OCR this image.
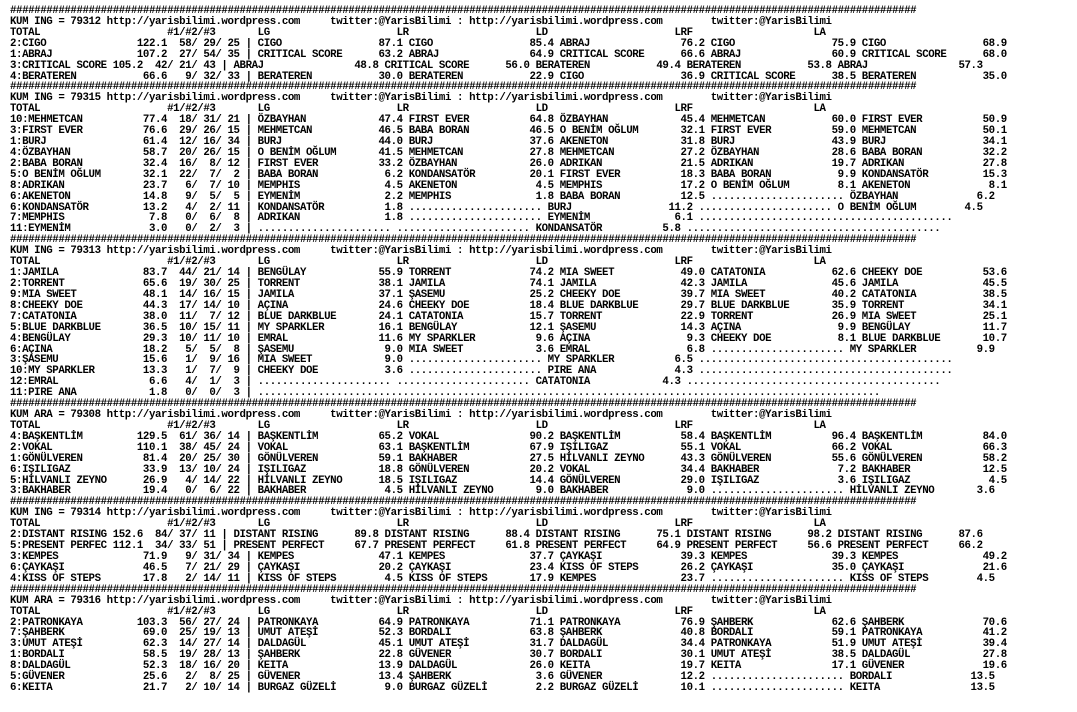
######################################################################################################################################################
KUM ING = 79312 http://yarisbilimi.wordpress.com     twitter:@YarisBilimi : http://yarisbilimi.wordpress.com        twitter:@YarisBilimi
TOTAL                     #1/#2/#3       LG                     LR                     LD                     LRF                    LA
2:CIGO               122.1  58/ 29/ 25 | CIGO                87.1 CIGO                85.4 ABRAJ               76.2 CIGO                75.9 CIGO                68.9
1:ABRAJ              107.2  27/ 54/ 35 | CRITICAL SCORE      63.2 ABRAJ               64.9 CRITICAL SCORE      66.6 ABRAJ               60.9 CRITICAL SCORE      68.0
3:CRITICAL SCORE 105.2  42/ 21/ 43 | ABRAJ               48.8 CRITICAL SCORE      56.0 BERATEREN           49.4 BERATEREN           53.8 ABRAJ               57.3
4:BERATEREN           66.6   9/ 32/ 33 | BERATEREN           30.0 BERATEREN           22.9 CIGO                36.9 CRITICAL SCORE      38.5 BERATEREN           35.0
######################################################################################################################################################
KUM ING = 79315 http://yarisbilimi.wordpress.com     twitter:@YarisBilimi : http://yarisbilimi.wordpress.com        twitter:@YarisBilimi
TOTAL                     #1/#2/#3       LG                     LR                     LD                     LRF                    LA
10:MEHMETCAN          77.4  18/ 31/ 21 | ÖZBAYHAN            47.4 FIRST EVER          64.8 ÖZBAYHAN            45.4 MEHMETCAN           60.0 FIRST EVER          50.9
3:FIRST EVER          76.6  29/ 26/ 15 | MEHMETCAN           46.5 BABA BORAN          46.5 O BENİM OĞLUM       32.1 FIRST EVER          59.0 MEHMETCAN           50.1
1:BURJ                61.4  12/ 16/ 34 | BURJ                44.0 BURJ                37.6 AKENETON            31.8 BURJ                43.9 BURJ                34.1
4:ÖZBAYHAN            58.7  20/ 26/ 15 | O BENİM OĞLUM       41.5 MEHMETCAN           27.8 MEHMETCAN           27.2 ÖZBAYHAN            28.6 BABA BORAN          32.2
2:BABA BORAN          32.4  16/  8/ 12 | FIRST EVER          33.2 ÖZBAYHAN            26.0 ADRIKAN             21.5 ADRIKAN             19.7 ADRIKAN             27.8
5:O BENİM OĞLUM       32.1  22/  7/  2 | BABA BORAN           6.2 KONDANSATÖR         20.1 FIRST EVER          18.3 BABA BORAN           9.9 KONDANSATÖR         15.3
8:ADRIKAN             23.7   6/  7/ 10 | MEMPHIS              4.5 AKENETON             4.5 MEMPHIS             17.2 O BENİM OĞLUM        8.1 AKENETON             8.1
6:AKENETON            14.8   9/  5/  5 | EYMENİM              2.2 MEMPHIS              1.8 BABA BORAN          12.5 ...................... ÖZBAYHAN             6.2
6:KONDANSATÖR         13.2   4/  2/ 11 | KONDANSATÖR          1.8 ...................... BURJ                11.2 ...................... O BENİM OĞLUM        4.5
7:MEMPHIS              7.8   0/  6/  8 | ADRIKAN              1.8 ...................... EYMENİM              6.1 ..........................................
11:EYMENİM             3.0   0/  2/  3 | ...................... ...................... KONDANSATÖR          5.8 ..........................................
######################################################################################################################################################
KUM ING = 79313 http://yarisbilimi.wordpress.com     twitter:@YarisBilimi : http://yarisbilimi.wordpress.com        twitter:@YarisBilimi
TOTAL                     #1/#2/#3       LG                     LR                     LD                     LRF                    LA
1:JAMILA              83.7  44/ 21/ 14 | BENGÜLAY            55.9 TORRENT             74.2 MIA SWEET           49.0 CATATONIA           62.6 CHEEKY DOE          53.6
2:TORRENT             65.6  19/ 30/ 25 | TORRENT             38.1 JAMILA              74.1 JAMILA              42.3 JAMILA              45.6 JAMILA              45.5
9:MIA SWEET           48.1  14/ 16/ 15 | JAMILA              37.1 ŞASEMU              25.2 CHEEKY DOE          39.7 MIA SWEET           40.2 CATATONIA           38.5
8:CHEEKY DOE          44.3  17/ 14/ 10 | AÇINA               24.6 CHEEKY DOE          18.4 BLUE DARKBLUE       29.7 BLUE DARKBLUE       35.9 TORRENT             34.1
7:CATATONIA           38.0  11/  7/ 12 | BLUE DARKBLUE       24.1 CATATONIA           15.7 TORRENT             22.9 TORRENT             26.9 MIA SWEET           25.1
5:BLUE DARKBLUE       36.5  10/ 15/ 11 | MY SPARKLER         16.1 BENGÜLAY            12.1 ŞASEMU              14.3 AÇINA                9.9 BENGÜLAY            11.7
4:BENGÜLAY            29.3  10/ 11/ 10 | EMRAL               11.6 MY SPARKLER          9.6 AÇINA                9.3 CHEEKY DOE           8.1 BLUE DARKBLUE       10.7
6:AÇINA               18.2   5/  5/  8 | ŞASEMU               9.0 MIA SWEET            3.6 EMRAL                6.8 ...................... MY SPARKLER          9.9
3:ŞASEMU              15.6   1/  9/ 16 | MIA SWEET            9.0 ...................... MY SPARKLER          6.5 ..........................................
10:MY SPARKLER        13.3   1/  7/  9 | CHEEKY DOE           3.6 ...................... PIRE ANA             4.3 ..........................................
12:EMRAL               6.6   4/  1/  3 | ...................... ...................... CATATONIA            4.3 ..........................................
11:PIRE ANA            1.8   0/  0/  3 | .......................................................................................................
######################################################################################################################################################
KUM ARA = 79308 http://yarisbilimi.wordpress.com     twitter:@YarisBilimi : http://yarisbilimi.wordpress.com        twitter:@YarisBilimi
TOTAL                     #1/#2/#3       LG                     LR                     LD                     LRF                    LA
4:BAŞKENTLİM         129.5  61/ 36/ 14 | BAŞKENTLİM          65.2 VOKAL               90.2 BAŞKENTLİM          58.4 BAŞKENTLİM          96.4 BAŞKENTLİM          84.0
2:VOKAL              110.1  38/ 45/ 24 | VOKAL               63.1 BAŞKENTLİM          67.9 IŞILIGAZ            55.1 VOKAL               66.2 VOKAL               66.3
1:GÖNÜLVEREN          81.4  20/ 25/ 30 | GÖNÜLVEREN          59.1 BAKHABER            27.5 HİLVANLI ZEYNO      43.3 GÖNÜLVEREN          55.6 GÖNÜLVEREN          58.2
6:IŞILIGAZ            33.9  13/ 10/ 24 | IŞILIGAZ            18.8 GÖNÜLVEREN          20.2 VOKAL               34.4 BAKHABER             7.2 BAKHABER            12.5
5:HİLVANLI ZEYNO      26.9   4/ 14/ 22 | HİLVANLI ZEYNO      18.5 IŞILIGAZ            14.4 GÖNÜLVEREN          29.0 IŞILIGAZ             3.6 IŞILIGAZ             4.5
3:BAKHABER            19.4   0/  6/ 22 | BAKHABER             4.5 HİLVANLI ZEYNO       9.0 BAKHABER             9.0 ...................... HİLVANLI ZEYNO       3.6
######################################################################################################################################################
KUM ING = 79314 http://yarisbilimi.wordpress.com     twitter:@YarisBilimi : http://yarisbilimi.wordpress.com        twitter:@YarisBilimi
TOTAL                     #1/#2/#3       LG                     LR                     LD                     LRF                    LA
2:DISTANT RISING 152.6  84/ 37/ 11 | DISTANT RISING      89.8 DISTANT RISING      88.4 DISTANT RISING      75.1 DISTANT RISING      98.2 DISTANT RISING      87.6
5:PRESENT PERFEC 112.1  34/ 33/ 51 | PRESENT PERFECT     67.7 PRESENT PERFECT     61.8 PRESENT PERFECT     64.9 PRESENT PERFECT     56.6 PRESENT PERFECT     66.2
3:KEMPES              71.9   9/ 31/ 34 | KEMPES              47.1 KEMPES              37.7 ÇAYKAŞI             39.3 KEMPES              39.3 KEMPES              49.2
6:ÇAYKAŞI             46.5   7/ 21/ 29 | ÇAYKAŞI             20.2 ÇAYKAŞI             23.4 KISS OF STEPS       26.2 ÇAYKAŞI             35.0 ÇAYKAŞI             21.6
4:KISS OF STEPS       17.8   2/ 14/ 11 | KISS OF STEPS        4.5 KISS OF STEPS       17.9 KEMPES              23.7 ...................... KISS OF STEPS        4.5
######################################################################################################################################################
KUM ARA = 79316 http://yarisbilimi.wordpress.com     twitter:@YarisBilimi : http://yarisbilimi.wordpress.com        twitter:@YarisBilimi
TOTAL                     #1/#2/#3       LG                     LR                     LD                     LRF                    LA
2:PATRONKAYA         103.3  56/ 27/ 24 | PATRONKAYA          64.9 PATRONKAYA          71.1 PATRONKAYA          76.9 ŞAHBERK             62.6 ŞAHBERK             70.6
7:ŞAHBERK             69.0  25/ 19/ 13 | UMUT ATEŞİ          52.3 BORDALI             63.8 ŞAHBERK             40.8 BORDALI             59.1 PATRONKAYA          41.2
3:UMUT ATEŞİ          62.3  14/ 27/ 14 | DALDAGÜL            45.1 UMUT ATEŞİ          31.7 DALDAGÜL            34.4 PATRONKAYA          51.9 UMUT ATEŞİ          39.4
1:BORDALI             58.5  19/ 28/ 13 | ŞAHBERK             22.8 GÜVENER             30.7 BORDALI             30.1 UMUT ATEŞİ          38.5 DALDAGÜL            27.8
8:DALDAGÜL            52.3  18/ 16/ 20 | KEITA               13.9 DALDAGÜL            26.0 KEITA               19.7 KEITA               17.1 GÜVENER             19.6
5:GÜVENER             25.6   2/  8/ 25 | GÜVENER             13.4 ŞAHBERK              3.6 GÜVENER             12.2 ...................... BORDALI             13.5
6:KEITA               21.7   2/ 10/ 14 | BURGAZ GÜZELİ        9.0 BURGAZ GÜZELİ        2.2 BURGAZ GÜZELİ       10.1 ...................... KEITA               13.5
